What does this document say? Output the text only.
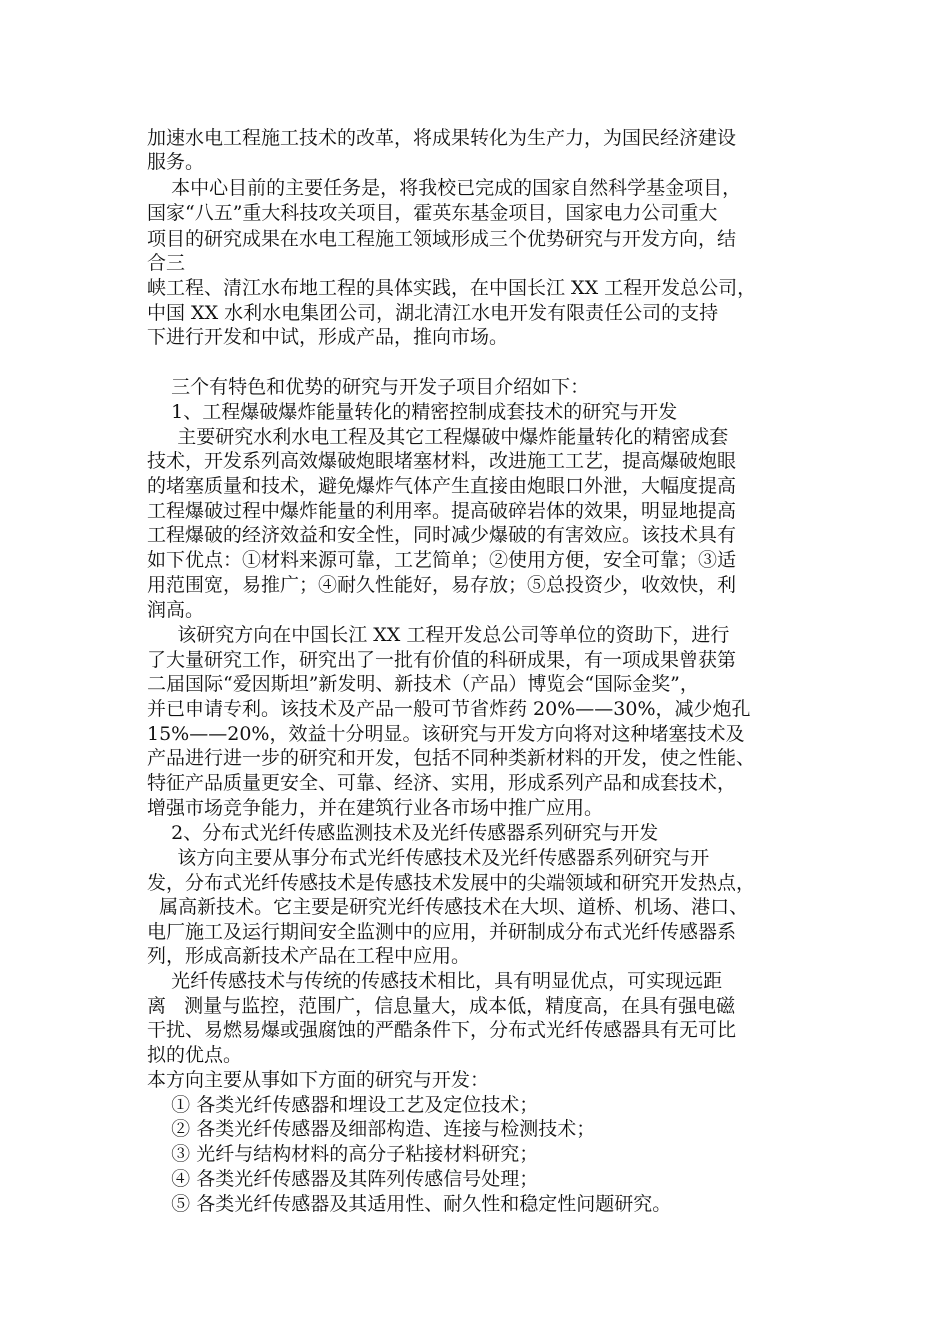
加速水电工程施工技术的改革，将成果转化为生产力，为国民经济建设
服务。
本中心目前的主要任务是，将我校已完成的国家自然科学基金项目，
国家“八五”重大科技攻关项目，霍英东基金项目，国家电力公司重大
项目的研究成果在水电工程施工领域形成三个优势研究与开发方向，结
合三
峡工程、清江水布地工程的具体实践，在中国长江 XX 工程开发总公司，
中国 XX 水利水电集团公司，湖北清江水电开发有限责任公司的支持
下进行开发和中试，形成产品，推向市场。
三个有特色和优势的研究与开发子项目介绍如下：
1、工程爆破爆炸能量转化的精密控制成套技术的研究与开发
主要研究水利水电工程及其它工程爆破中爆炸能量转化的精密成套
技术，开发系列高效爆破炮眼堵塞材料，改进施工工艺，提高爆破炮眼
的堵塞质量和技术，避免爆炸气体产生直接由炮眼口外泄，大幅度提高
工程爆破过程中爆炸能量的利用率。提高破碎岩体的效果，明显地提高
工程爆破的经济效益和安全性，同时减少爆破的有害效应。该技术具有
如下优点：①材料来源可靠，工艺简单；②使用方便，安全可靠；③适
用范围宽，易推广；④耐久性能好，易存放；⑤总投资少，收效快，利
润高。
该研究方向在中国长江 XX 工程开发总公司等单位的资助下，进行
了大量研究工作，研究出了一批有价值的科研成果，有一项成果曾获第
二届国际“爱因斯坦”新发明、新技术（产品）博览会“国际金奖”，
并已申请专利。该技术及产品一般可节省炸药 20%——30%，减少炮孔
15%——20%，效益十分明显。该研究与开发方向将对这种堵塞技术及
产品进行进一步的研究和开发，包括不同种类新材料的开发，使之性能、
特征产品质量更安全、可靠、经济、实用，形成系列产品和成套技术，
增强市场竞争能力，并在建筑行业各市场中推广应用。
2、分布式光纤传感监测技术及光纤传感器系列研究与开发
该方向主要从事分布式光纤传感技术及光纤传感器系列研究与开
发，分布式光纤传感技术是传感技术发展中的尖端领域和研究开发热点，
属高新技术。它主要是研究光纤传感技术在大坝、道桥、机场、港口、
电厂施工及运行期间安全监测中的应用，并研制成分布式光纤传感器系
列，形成高新技术产品在工程中应用。
光纤传感技术与传统的传感技术相比，具有明显优点，可实现远距
离   测量与监控，范围广，信息量大，成本低，精度高，在具有强电磁
干扰、易燃易爆或强腐蚀的严酷条件下，分布式光纤传感器具有无可比
拟的优点。
本方向主要从事如下方面的研究与开发：
① 各类光纤传感器和埋设工艺及定位技术；
② 各类光纤传感器及细部构造、连接与检测技术；
③ 光纤与结构材料的高分子粘接材料研究；
④ 各类光纤传感器及其阵列传感信号处理；
⑤ 各类光纤传感器及其适用性、耐久性和稳定性问题研究。
